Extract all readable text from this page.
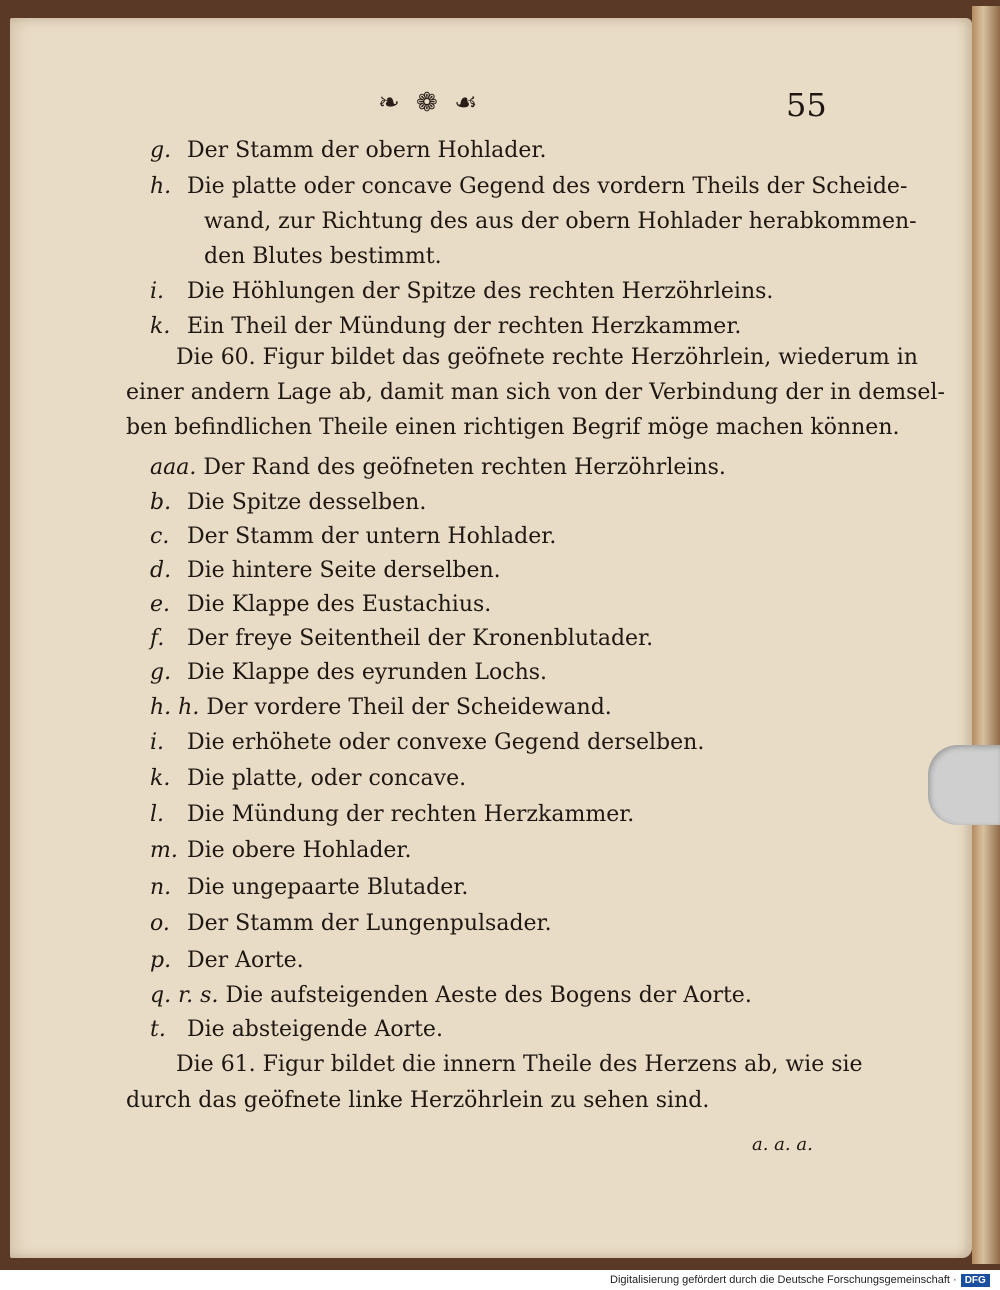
❧ ❁ ☙	55
g. Der Stamm der obern Hohlader.
h. Die platte oder concave Gegend des vordern Theils der Scheide-
wand, zur Richtung des aus der obern Hohlader herabkommen-
den Blutes bestimmt.
i. Die Höhlungen der Spitze des rechten Herzöhrleins.
k. Ein Theil der Mündung der rechten Herzkammer.
Die 60. Figur bildet das geöfnete rechte Herzöhrlein, wiederum in
einer andern Lage ab, damit man sich von der Verbindung der in demsel-
ben befindlichen Theile einen richtigen Begrif möge machen können.
aaa. Der Rand des geöfneten rechten Herzöhrleins.
b. Die Spitze desselben.
c. Der Stamm der untern Hohlader.
d. Die hintere Seite derselben.
e. Die Klappe des Eustachius.
f. Der freye Seitentheil der Kronenblutader.
g. Die Klappe des eyrunden Lochs.
h. h. Der vordere Theil der Scheidewand.
i. Die erhöhete oder convexe Gegend derselben.
k. Die platte, oder concave.
l. Die Mündung der rechten Herzkammer.
m. Die obere Hohlader.
n. Die ungepaarte Blutader.
o. Der Stamm der Lungenpulsader.
p. Der Aorte.
q. r. s. Die aufsteigenden Aeste des Bogens der Aorte.
t. Die absteigende Aorte.
Die 61. Figur bildet die innern Theile des Herzens ab, wie sie
durch das geöfnete linke Herzöhrlein zu sehen sind.
a. a. a.
Digitalisierung gefördert durch die Deutsche Forschungsgemeinschaft · DFG
